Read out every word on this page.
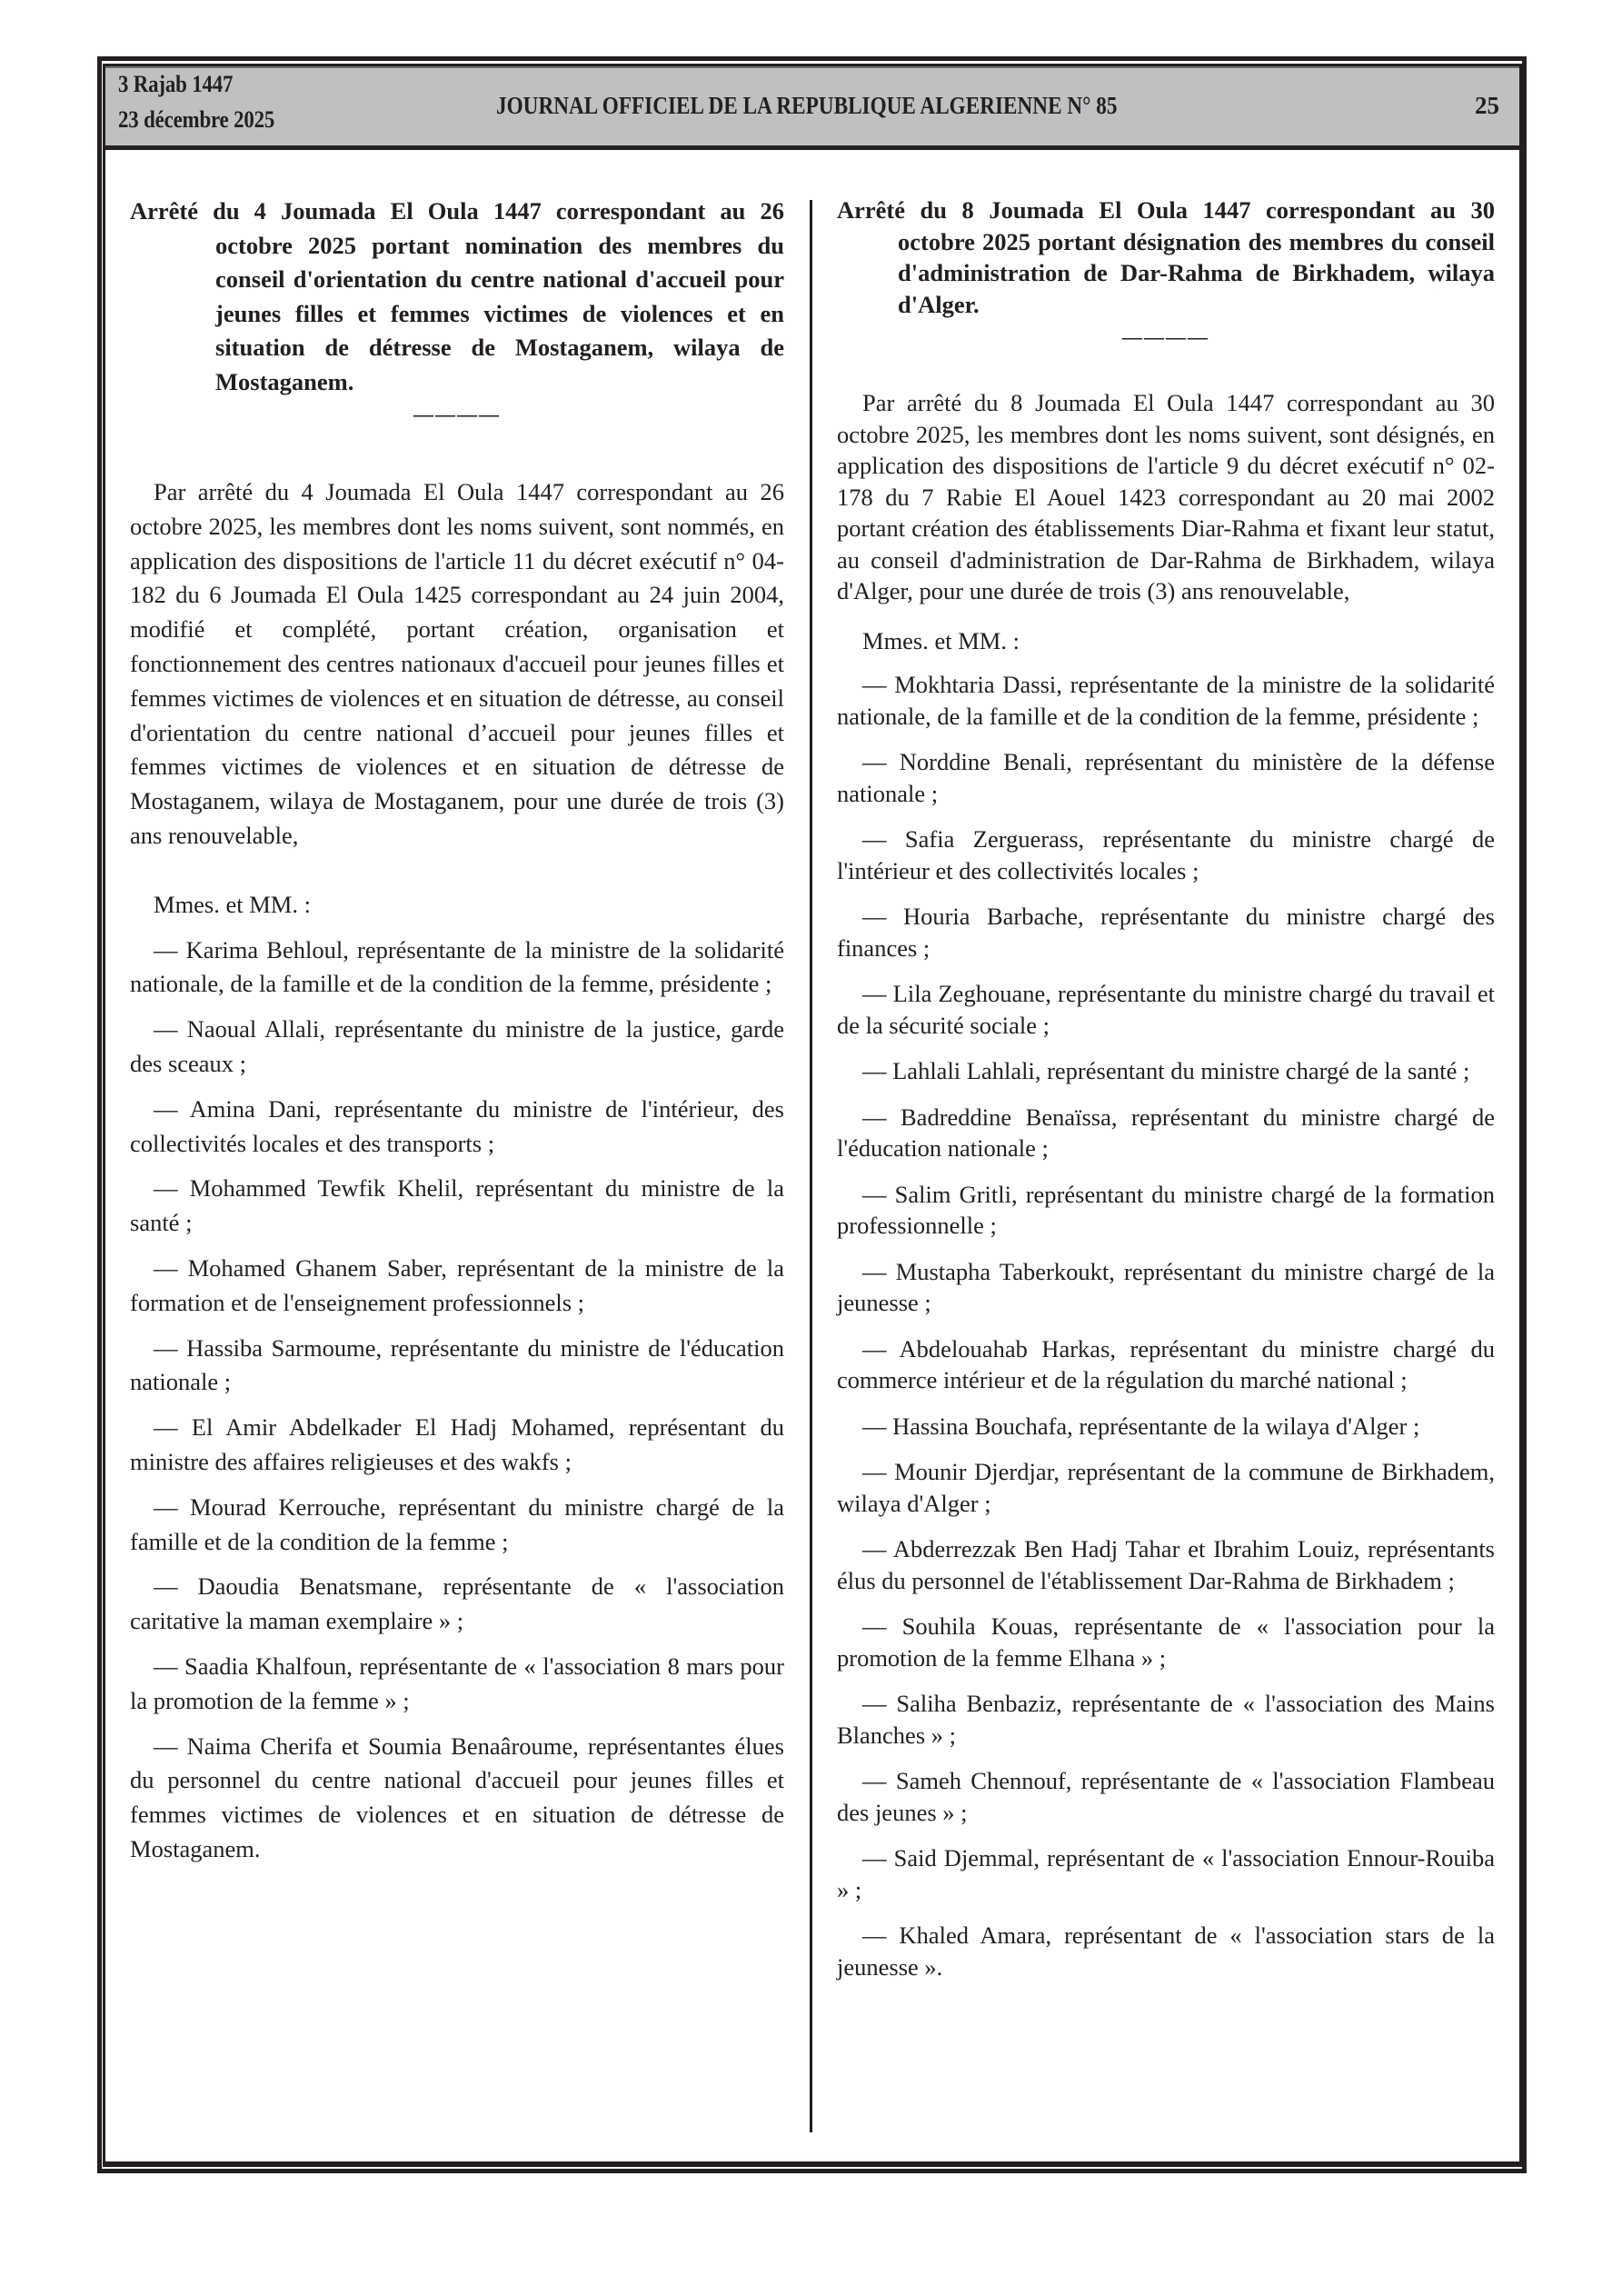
3 Rajab 1447
23 décembre 2025
JOURNAL OFFICIEL DE LA REPUBLIQUE ALGERIENNE N° 85	25

Arrêté du 4 Joumada El Oula 1447 correspondant au 26 octobre 2025 portant nomination des membres du conseil d'orientation du centre national d'accueil pour jeunes filles et femmes victimes de violences et en situation de détresse de Mostaganem, wilaya de Mostaganem.

————

Par arrêté du 4 Joumada El Oula 1447 correspondant au 26 octobre 2025, les membres dont les noms suivent, sont nommés, en application des dispositions de l'article 11 du décret exécutif n° 04-182 du 6 Joumada El Oula 1425 correspondant au 24 juin 2004, modifié et complété, portant création, organisation et fonctionnement des centres nationaux d'accueil pour jeunes filles et femmes victimes de violences et en situation de détresse, au conseil d'orientation du centre national d’accueil pour jeunes filles et femmes victimes de violences et en situation de détresse de Mostaganem, wilaya de Mostaganem, pour une durée de trois (3) ans renouvelable,

Mmes. et MM. :

— Karima Behloul, représentante de la ministre de la solidarité nationale, de la famille et de la condition de la femme, présidente ;

— Naoual Allali, représentante du ministre de la justice, garde des sceaux ;

— Amina Dani, représentante du ministre de l'intérieur, des collectivités locales et des transports ;

— Mohammed Tewfik Khelil, représentant du ministre de la santé ;

— Mohamed Ghanem Saber, représentant de la ministre de la formation et de l'enseignement professionnels ;

— Hassiba Sarmoume, représentante du ministre de l'éducation nationale ;

— El Amir Abdelkader El Hadj Mohamed, représentant du ministre des affaires religieuses et des wakfs ;

— Mourad Kerrouche, représentant du ministre chargé de la famille et de la condition de la femme ;

— Daoudia Benatsmane, représentante de « l'association caritative la maman exemplaire » ;

— Saadia Khalfoun, représentante de « l'association 8 mars pour la promotion de la femme » ;

— Naima Cherifa et Soumia Benaâroume, représentantes élues du personnel du centre national d'accueil pour jeunes filles et femmes victimes de violences et en situation de détresse de Mostaganem.

Arrêté du 8 Joumada El Oula 1447 correspondant au 30 octobre 2025 portant désignation des membres du conseil d'administration de Dar-Rahma de Birkhadem, wilaya d'Alger.

————

Par arrêté du 8 Joumada El Oula 1447 correspondant au 30 octobre 2025, les membres dont les noms suivent, sont désignés, en application des dispositions de l'article 9 du décret exécutif n° 02-178 du 7 Rabie El Aouel 1423 correspondant au 20 mai 2002 portant création des établissements Diar-Rahma et fixant leur statut, au conseil d'administration de Dar-Rahma de Birkhadem, wilaya d'Alger, pour une durée de trois (3) ans renouvelable,

Mmes. et MM. :

— Mokhtaria Dassi, représentante de la ministre de la solidarité nationale, de la famille et de la condition de la femme, présidente ;

— Norddine Benali, représentant du ministère de la défense nationale ;

— Safia Zerguerass, représentante du ministre chargé de l'intérieur et des collectivités locales ;

— Houria Barbache, représentante du ministre chargé des finances ;

— Lila Zeghouane, représentante du ministre chargé du travail et de la sécurité sociale ;

— Lahlali Lahlali, représentant du ministre chargé de la santé ;

— Badreddine Benaïssa, représentant du ministre chargé de l'éducation nationale ;

— Salim Gritli, représentant du ministre chargé de la formation professionnelle ;

— Mustapha Taberkoukt, représentant du ministre chargé de la jeunesse ;

— Abdelouahab Harkas, représentant du ministre chargé du commerce intérieur et de la régulation du marché national ;

— Hassina Bouchafa, représentante de la wilaya d'Alger ;

— Mounir Djerdjar, représentant de la commune de Birkhadem, wilaya d'Alger ;

— Abderrezzak Ben Hadj Tahar et Ibrahim Louiz, représentants élus du personnel de l'établissement Dar-Rahma de Birkhadem ;

— Souhila Kouas, représentante de « l'association pour la promotion de la femme Elhana » ;

— Saliha Benbaziz, représentante de « l'association des Mains Blanches » ;

— Sameh Chennouf, représentante de « l'association Flambeau des jeunes » ;

— Said Djemmal, représentant de « l'association Ennour-Rouiba » ;

— Khaled Amara, représentant de « l'association stars de la jeunesse ».
